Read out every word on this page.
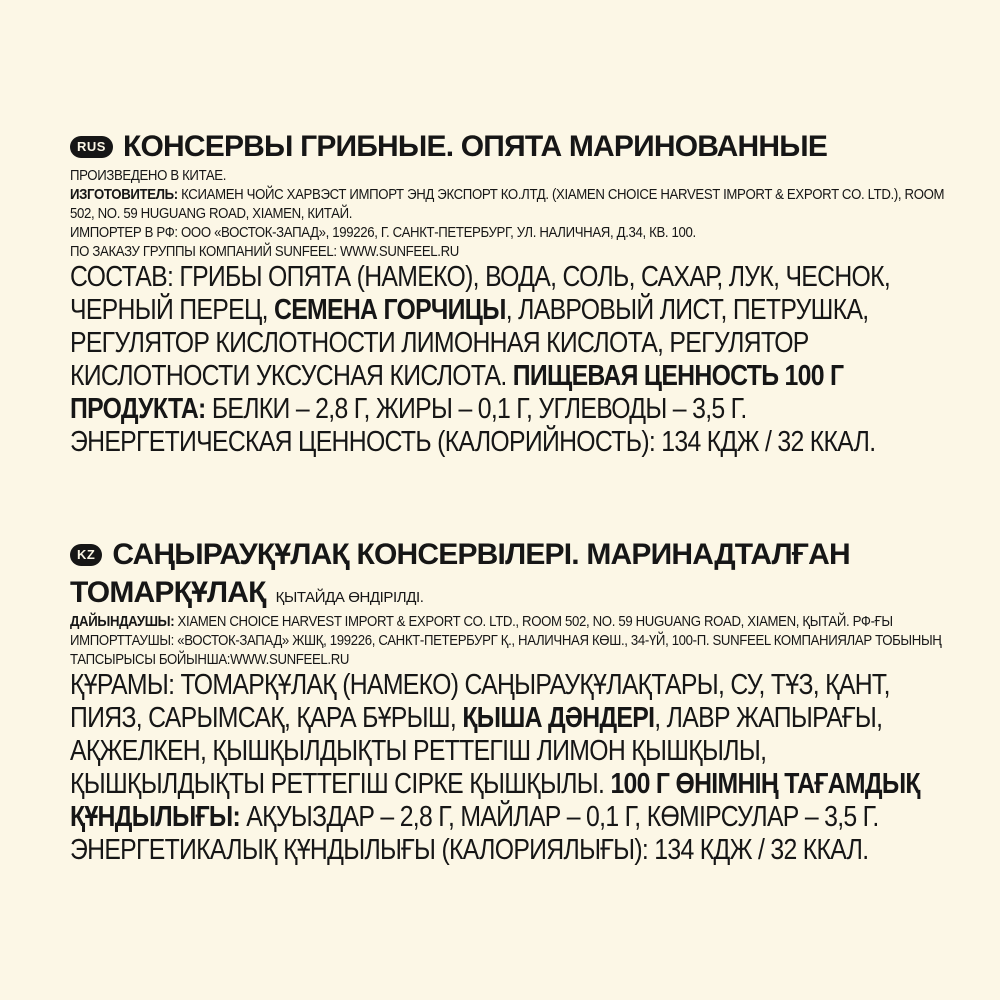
RUS КОНСЕРВЫ ГРИБНЫЕ. ОПЯТА МАРИНОВАННЫЕ
ПРОИЗВЕДЕНО В КИТАЕ.
ИЗГОТОВИТЕЛЬ: КСИАМЕН ЧОЙС ХАРВЭСТ ИМПОРТ ЭНД ЭКСПОРТ КО.ЛТД. (XIAMEN CHOICE HARVEST IMPORT & EXPORT CO. LTD.), ROOM 502, NO. 59 HUGUANG ROAD, XIAMEN, КИТАЙ.
ИМПОРТЕР В РФ: ООО «ВОСТОК-ЗАПАД», 199226, Г. САНКТ-ПЕТЕРБУРГ, УЛ. НАЛИЧНАЯ, Д.34, КВ. 100.
ПО ЗАКАЗУ ГРУППЫ КОМПАНИЙ SUNFEEL: WWW.SUNFEEL.RU
СОСТАВ: ГРИБЫ ОПЯТА (НАМЕКО), ВОДА, СОЛЬ, САХАР, ЛУК, ЧЕСНОК, ЧЕРНЫЙ ПЕРЕЦ, СЕМЕНА ГОРЧИЦЫ, ЛАВРОВЫЙ ЛИСТ, ПЕТРУШКА, РЕГУЛЯТОР КИСЛОТНОСТИ ЛИМОННАЯ КИСЛОТА, РЕГУЛЯТОР КИСЛОТНОСТИ УКСУСНАЯ КИСЛОТА. ПИЩЕВАЯ ЦЕННОСТЬ 100 Г ПРОДУКТА: БЕЛКИ – 2,8 Г, ЖИРЫ – 0,1 Г, УГЛЕВОДЫ – 3,5 Г. ЭНЕРГЕТИЧЕСКАЯ ЦЕННОСТЬ (КАЛОРИЙНОСТЬ): 134 КДЖ / 32 ККАЛ.
KZ САҢЫРАУҚҰЛАҚ КОНСЕРВІЛЕРІ. МАРИНАДТАЛҒАН
ТОМАРҚҰЛАҚ ҚЫТАЙДА ӨНДІРІЛДІ.
ДАЙЫНДАУШЫ: XIAMEN CHOICE HARVEST IMPORT & EXPORT CO. LTD., ROOM 502, NO. 59 HUGUANG ROAD, XIAMEN, ҚЫТАЙ. РФ-ҒЫ ИМПОРТТАУШЫ: «ВОСТОК-ЗАПАД» ЖШҚ, 199226, САНКТ-ПЕТЕРБУРГ Қ., НАЛИЧНАЯ КӨШ., 34-ҮЙ, 100-П. SUNFEEL КОМПАНИЯЛАР ТОБЫНЫҢ ТАПСЫРЫСЫ БОЙЫНША:WWW.SUNFEEL.RU
ҚҰРАМЫ: ТОМАРҚҰЛАҚ (НАМЕКО) САҢЫРАУҚҰЛАҚТАРЫ, СУ, ТҰЗ, ҚАНТ, ПИЯЗ, САРЫМСАҚ, ҚАРА БҰРЫШ, ҚЫША ДӘНДЕРІ, ЛАВР ЖАПЫРАҒЫ, АҚЖЕЛКЕН, ҚЫШҚЫЛДЫҚТЫ РЕТТЕГІШ ЛИМОН ҚЫШҚЫЛЫ, ҚЫШҚЫЛДЫҚТЫ РЕТТЕГІШ СІРКЕ ҚЫШҚЫЛЫ. 100 Г ӨНІМНІҢ ТАҒАМДЫҚ ҚҰНДЫЛЫҒЫ: АҚУЫЗДАР – 2,8 Г, МАЙЛАР – 0,1 Г, КӨМІРСУЛАР – 3,5 Г. ЭНЕРГЕТИКАЛЫҚ ҚҰНДЫЛЫҒЫ (КАЛОРИЯЛЫҒЫ): 134 КДЖ / 32 ККАЛ.
